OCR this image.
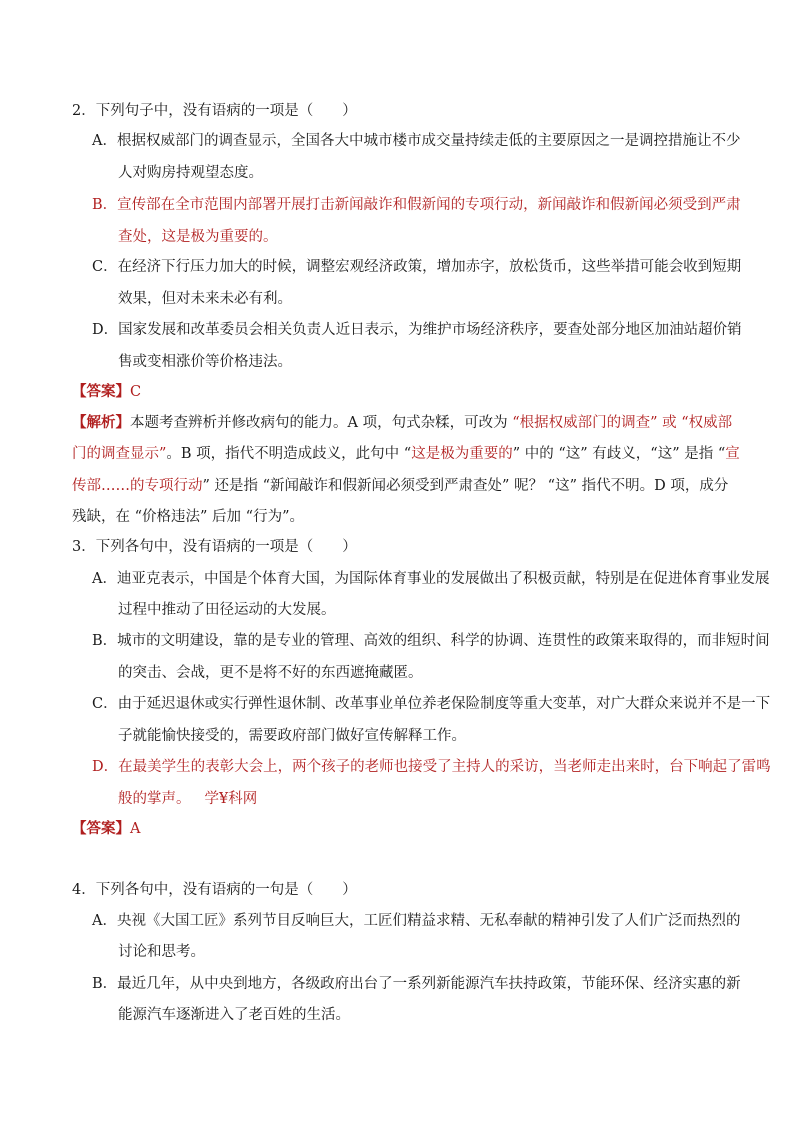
2．下列句子中，没有语病的一项是（　　）
A．根据权威部门的调查显示，全国各大中城市楼市成交量持续走低的主要原因之一是调控措施让不少
人对购房持观望态度。
B．宣传部在全市范围内部署开展打击新闻敲诈和假新闻的专项行动，新闻敲诈和假新闻必须受到严肃
查处，这是极为重要的。
C．在经济下行压力加大的时候，调整宏观经济政策，增加赤字，放松货币，这些举措可能会收到短期
效果，但对未来未必有利。
D．国家发展和改革委员会相关负责人近日表示，为维护市场经济秩序，要查处部分地区加油站超价销
售或变相涨价等价格违法。
【答案】C
【解析】本题考查辨析并修改病句的能力。A 项，句式杂糅，可改为 “根据权威部门的调查” 或 “权威部
门的调查显示”。B 项，指代不明造成歧义，此句中 “这是极为重要的” 中的 “这” 有歧义，“这” 是指 “宣
传部……的专项行动” 还是指 “新闻敲诈和假新闻必须受到严肃查处” 呢？ “这” 指代不明。D 项，成分
残缺，在 “价格违法” 后加 “行为”。
3．下列各句中，没有语病的一项是（　　）
A．迪亚克表示，中国是个体育大国，为国际体育事业的发展做出了积极贡献，特别是在促进体育事业发展
过程中推动了田径运动的大发展。
B．城市的文明建设，靠的是专业的管理、高效的组织、科学的协调、连贯性的政策来取得的，而非短时间
的突击、会战，更不是将不好的东西遮掩藏匿。
C．由于延迟退休或实行弹性退休制、改革事业单位养老保险制度等重大变革，对广大群众来说并不是一下
子就能愉快接受的，需要政府部门做好宣传解释工作。
D．在最美学生的表彰大会上，两个孩子的老师也接受了主持人的采访，当老师走出来时，台下响起了雷鸣
般的掌声。 学¥科网
【答案】A
4．下列各句中，没有语病的一句是（　　）
A．央视《大国工匠》系列节目反响巨大，工匠们精益求精、无私奉献的精神引发了人们广泛而热烈的
讨论和思考。
B．最近几年，从中央到地方，各级政府出台了一系列新能源汽车扶持政策，节能环保、经济实惠的新
能源汽车逐渐进入了老百姓的生活。
